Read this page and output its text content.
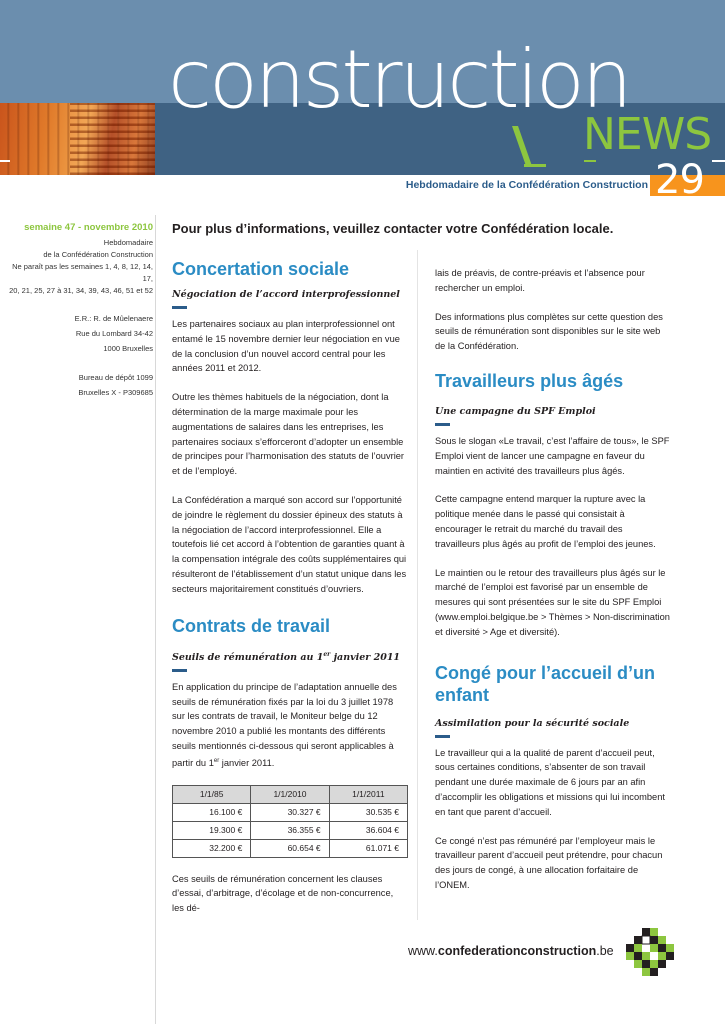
construction
NEWS
Hebdomadaire de la Confédération Construction 29
semaine 47 - novembre 2010
Hebdomadaire
de la Confédération Construction
Ne paraît pas les semaines 1, 4, 8, 12, 14, 17,
20, 21, 25, 27 à 31, 34, 39, 43, 46, 51 et 52
E.R.: R. de Mûelenaere
Rue du Lombard 34-42
1000 Bruxelles
Bureau de dépôt 1099
Bruxelles X - P309685
Pour plus d’informations, veuillez contacter votre Confédération locale.
Concertation sociale
Négociation de l’accord interprofessionnel

Les partenaires sociaux au plan interprofessionnel ont entamé le 15 novembre dernier leur négociation en vue de la conclusion d’un nouvel accord central pour les années 2011 et 2012.

Outre les thèmes habituels de la négociation, dont la détermination de la marge maximale pour les augmentations de salaires dans les entreprises, les partenaires sociaux s’efforceront d’adopter un ensemble de principes pour l’harmonisation des statuts de l’ouvrier et de l’employé.

La Confédération a marqué son accord sur l’opportunité de joindre le règlement du dossier épineux des statuts à la négociation de l’accord interprofessionnel. Elle a toutefois lié cet accord à l’obtention de garanties quant à la compensation intégrale des coûts supplémentaires qui résulteront de l’établissement d’un statut unique dans les secteurs majoritairement constitués d’ouvriers.

Contrats de travail
Seuils de rémunération au 1er janvier 2011

En application du principe de l’adaptation annuelle des seuils de rémunération fixés par la loi du 3 juillet 1978 sur les contrats de travail, le Moniteur belge du 12 novembre 2010 a publié les montants des différents seuils mentionnés ci-dessous qui seront applicables à partir du 1er janvier 2011.

1/1/85	1/1/2010	1/1/2011
16.100 €	30.327 €	30.535 €
19.300 €	36.355 €	36.604 €
32.200 €	60.654 €	61.071 €

Ces seuils de rémunération concernent les clauses d’essai, d’arbitrage, d’écolage et de non-concurrence, les dé-

lais de préavis, de contre-préavis et l’absence pour rechercher un emploi.

Des informations plus complètes sur cette question des seuils de rémunération sont disponibles sur le site web de la Confédération.

Travailleurs plus âgés
Une campagne du SPF Emploi

Sous le slogan «Le travail, c’est l’affaire de tous», le SPF Emploi vient de lancer une campagne en faveur du maintien en activité des travailleurs plus âgés.

Cette campagne entend marquer la rupture avec la politique menée dans le passé qui consistait à encourager le retrait du marché du travail des travailleurs plus âgés au profit de l’emploi des jeunes.

Le maintien ou le retour des travailleurs plus âgés sur le marché de l’emploi est favorisé par un ensemble de mesures qui sont présentées sur le site du SPF Emploi (www.emploi.belgique.be > Thèmes > Non-discrimination et diversité > Age et diversité).

Congé pour l’accueil d’un enfant
Assimilation pour la sécurité sociale

Le travailleur qui a la qualité de parent d’accueil peut, sous certaines conditions, s’absenter de son travail pendant une durée maximale de 6 jours par an afin d’accomplir les obligations et missions qui lui incombent en tant que parent d’accueil.

Ce congé n’est pas rémunéré par l’employeur mais le travailleur parent d’accueil peut prétendre, pour chacun des jours de congé, à une allocation forfaitaire de l’ONEM.

www.confederationconstruction.be
